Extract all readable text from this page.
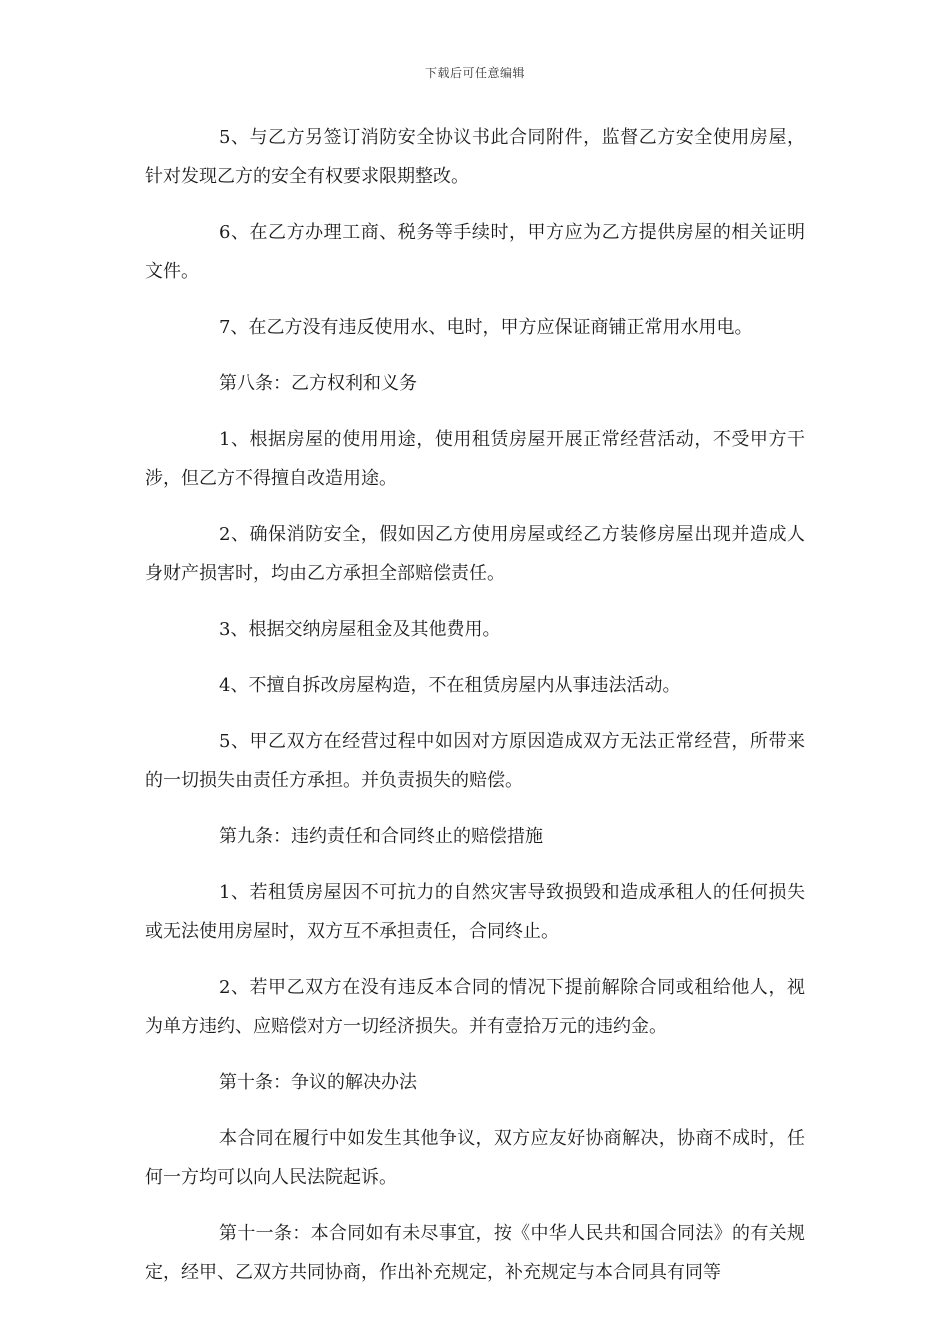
下载后可任意编辑

5、与乙方另签订消防安全协议书此合同附件，监督乙方安全使用房屋，针对发现乙方的安全有权要求限期整改。

6、在乙方办理工商、税务等手续时，甲方应为乙方提供房屋的相关证明文件。

7、在乙方没有违反使用水、电时，甲方应保证商铺正常用水用电。

第八条：乙方权利和义务

1、根据房屋的使用用途，使用租赁房屋开展正常经营活动，不受甲方干涉，但乙方不得擅自改造用途。

2、确保消防安全，假如因乙方使用房屋或经乙方装修房屋出现并造成人身财产损害时，均由乙方承担全部赔偿责任。

3、根据交纳房屋租金及其他费用。

4、不擅自拆改房屋构造，不在租赁房屋内从事违法活动。

5、甲乙双方在经营过程中如因对方原因造成双方无法正常经营，所带来的一切损失由责任方承担。并负责损失的赔偿。

第九条：违约责任和合同终止的赔偿措施

1、若租赁房屋因不可抗力的自然灾害导致损毁和造成承租人的任何损失或无法使用房屋时，双方互不承担责任，合同终止。

2、若甲乙双方在没有违反本合同的情况下提前解除合同或租给他人，视为单方违约、应赔偿对方一切经济损失。并有壹拾万元的违约金。

第十条：争议的解决办法

本合同在履行中如发生其他争议，双方应友好协商解决，协商不成时，任何一方均可以向人民法院起诉。

第十一条：本合同如有未尽事宜，按《中华人民共和国合同法》的有关规定，经甲、乙双方共同协商，作出补充规定，补充规定与本合同具有同等
